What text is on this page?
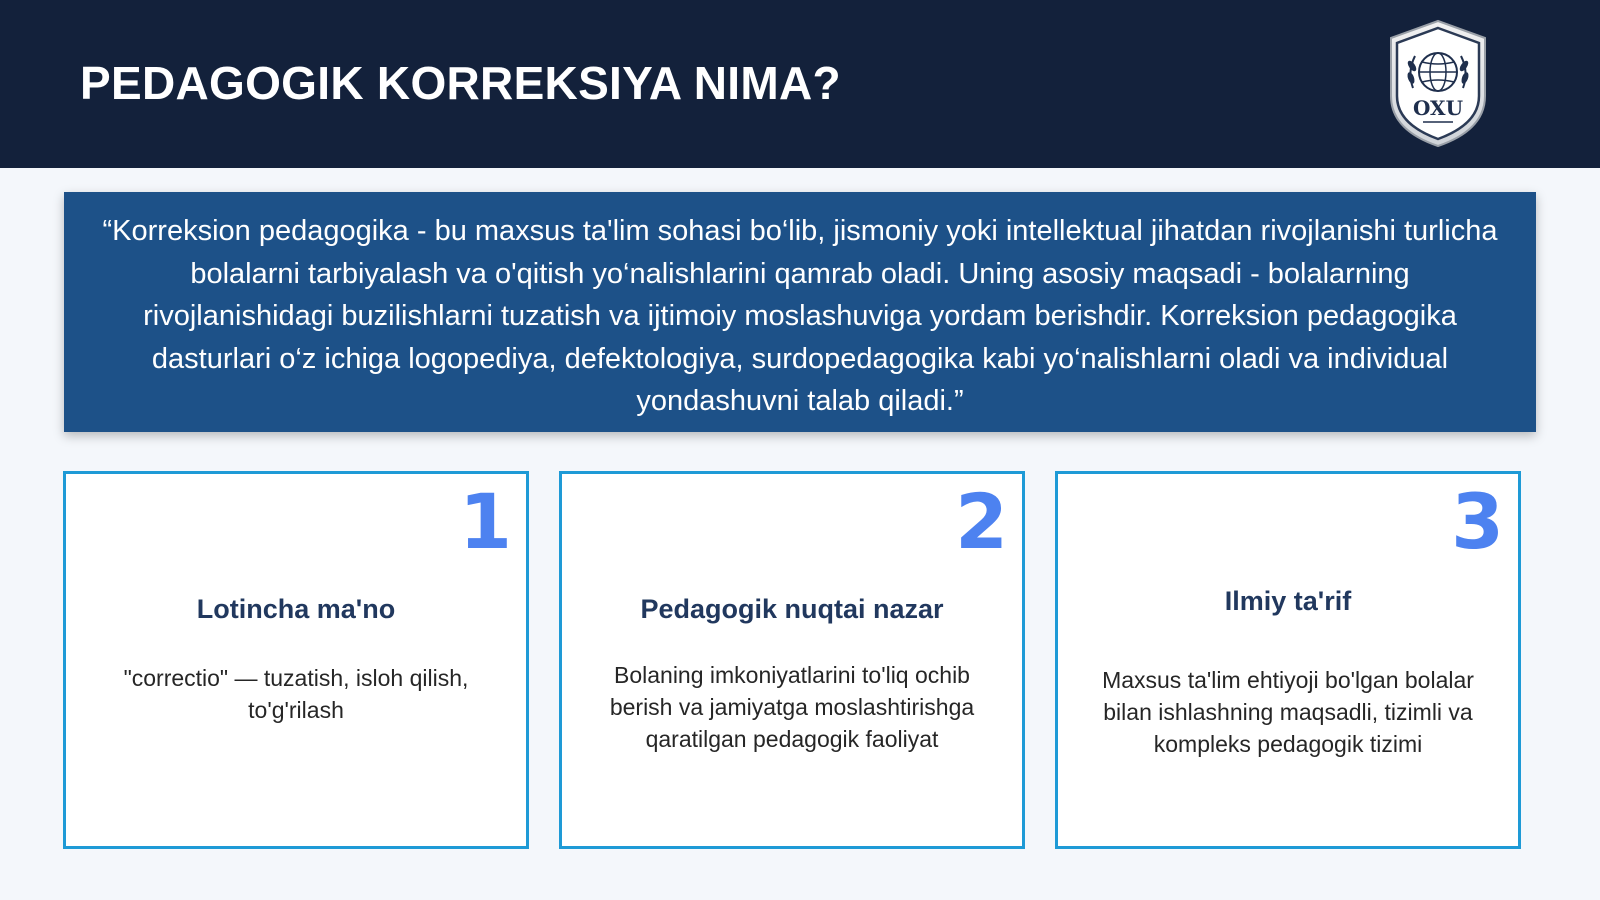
PEDAGOGIK KORREKSIYA NIMA?	OXU

“Korreksion pedagogika - bu maxsus ta'lim sohasi bo‘lib, jismoniy yoki intellektual jihatdan rivojlanishi turlicha bolalarni tarbiyalash va o'qitish yo‘nalishlarini qamrab oladi. Uning asosiy maqsadi - bolalarning rivojlanishidagi buzilishlarni tuzatish va ijtimoiy moslashuviga yordam berishdir. Korreksion pedagogika dasturlari o‘z ichiga logopediya, defektologiya, surdopedagogika kabi yo‘nalishlarni oladi va individual yondashuvni talab qiladi.”

1
Lotincha ma'no

"correctio" — tuzatish, isloh qilish, to'g'rilash

2
Pedagogik nuqtai nazar

Bolaning imkoniyatlarini to'liq ochib berish va jamiyatga moslashtirishga qaratilgan pedagogik faoliyat

3
Ilmiy ta'rif

Maxsus ta'lim ehtiyoji bo'lgan bolalar bilan ishlashning maqsadli, tizimli va kompleks pedagogik tizimi
